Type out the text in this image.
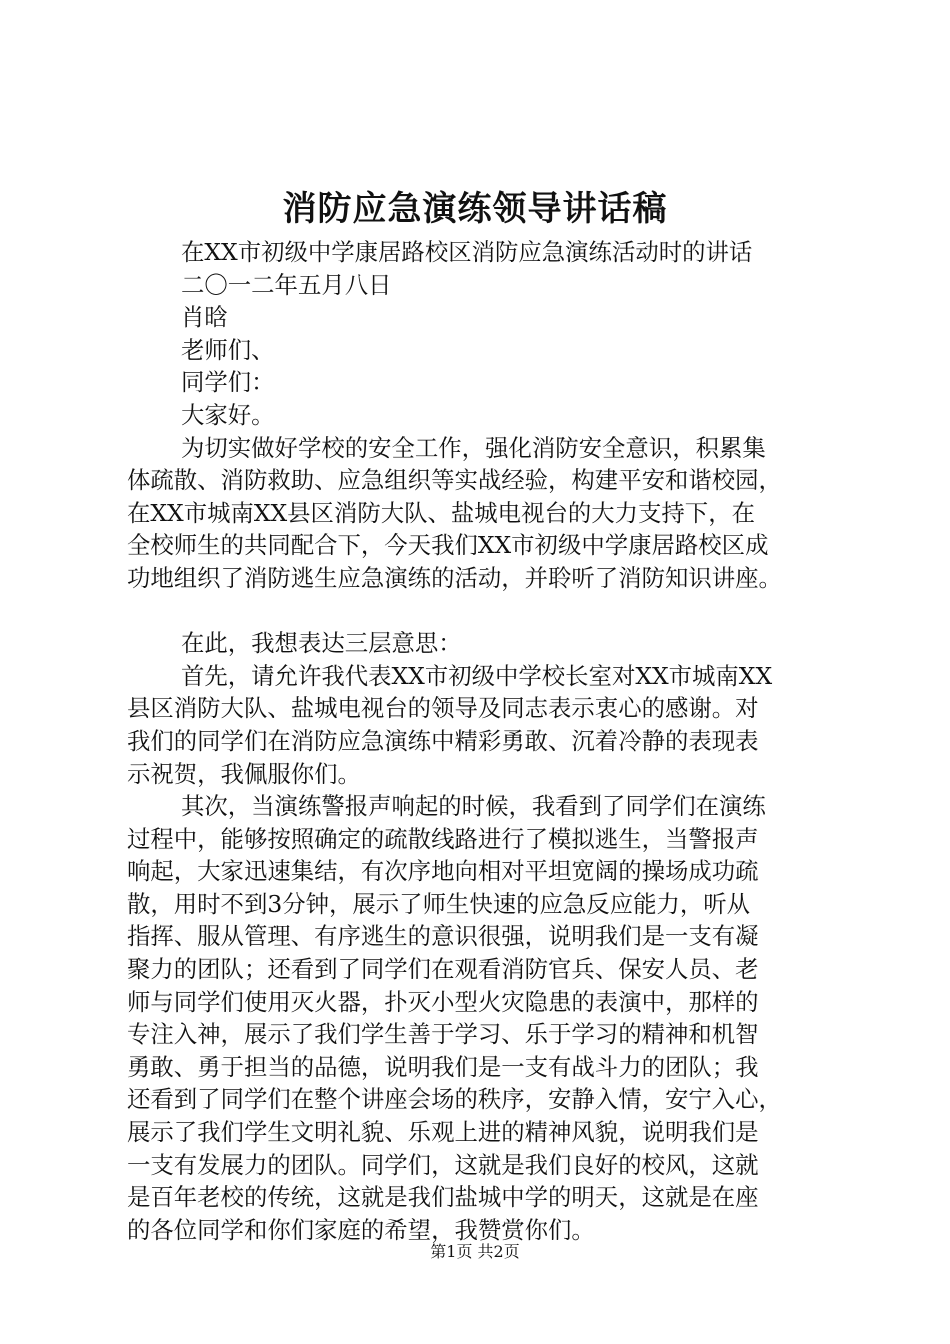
消防应急演练领导讲话稿
在XX市初级中学康居路校区消防应急演练活动时的讲话
二〇一二年五月八日
肖晗
老师们、
同学们：
大家好。
为切实做好学校的安全工作，强化消防安全意识，积累集
体疏散、消防救助、应急组织等实战经验，构建平安和谐校园，
在XX市城南XX县区消防大队、盐城电视台的大力支持下，在
全校师生的共同配合下，今天我们XX市初级中学康居路校区成
功地组织了消防逃生应急演练的活动，并聆听了消防知识讲座。
在此，我想表达三层意思：
首先，请允许我代表XX市初级中学校长室对XX市城南XX
县区消防大队、盐城电视台的领导及同志表示衷心的感谢。对
我们的同学们在消防应急演练中精彩勇敢、沉着冷静的表现表
示祝贺，我佩服你们。
其次，当演练警报声响起的时候，我看到了同学们在演练
过程中，能够按照确定的疏散线路进行了模拟逃生，当警报声
响起，大家迅速集结，有次序地向相对平坦宽阔的操场成功疏
散，用时不到3分钟，展示了师生快速的应急反应能力，听从
指挥、服从管理、有序逃生的意识很强，说明我们是一支有凝
聚力的团队；还看到了同学们在观看消防官兵、保安人员、老
师与同学们使用灭火器，扑灭小型火灾隐患的表演中，那样的
专注入神，展示了我们学生善于学习、乐于学习的精神和机智
勇敢、勇于担当的品德，说明我们是一支有战斗力的团队；我
还看到了同学们在整个讲座会场的秩序，安静入情，安宁入心，
展示了我们学生文明礼貌、乐观上进的精神风貌，说明我们是
一支有发展力的团队。同学们，这就是我们良好的校风，这就
是百年老校的传统，这就是我们盐城中学的明天，这就是在座
的各位同学和你们家庭的希望，我赞赏你们。
第1页 共2页
